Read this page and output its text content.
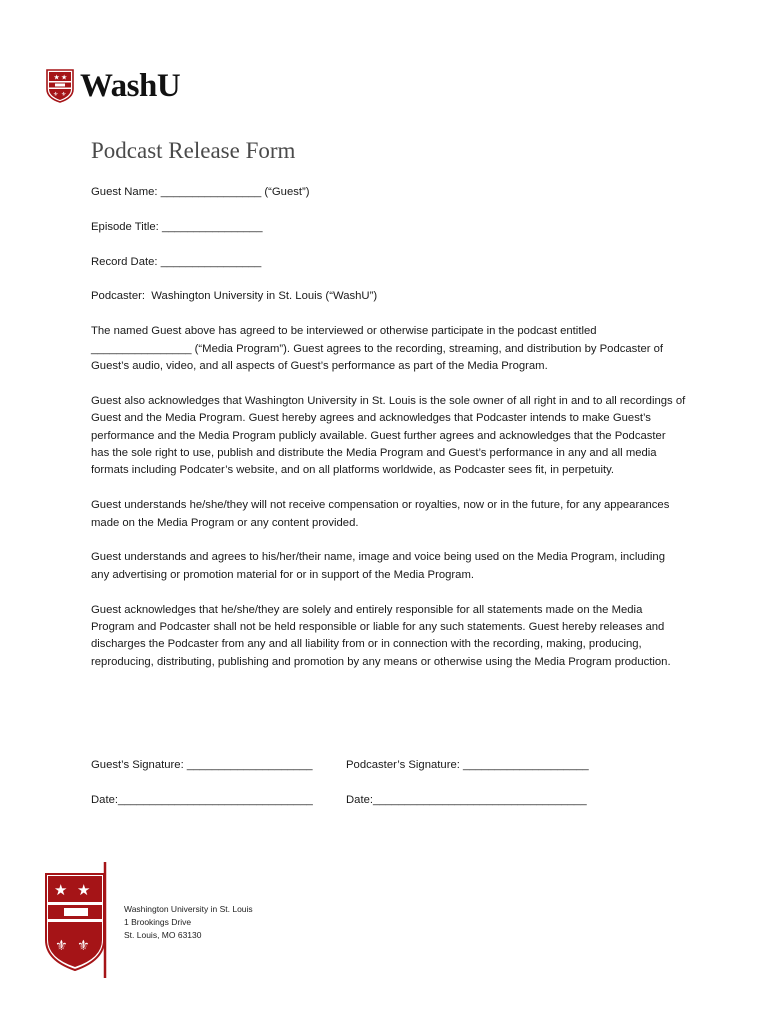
★ ★
⚜ ⚜ WashU
Podcast Release Form

Guest Name: ________________ (“Guest”)

Episode Title: ________________

Record Date: ________________

Podcaster: Washington University in St. Louis (“WashU”)

The named Guest above has agreed to be interviewed or otherwise participate in the podcast entitled ________________ (“Media Program”). Guest agrees to the recording, streaming, and distribution by Podcaster of Guest’s audio, video, and all aspects of Guest’s performance as part of the Media Program.

Guest also acknowledges that Washington University in St. Louis is the sole owner of all right in and to all recordings of Guest and the Media Program. Guest hereby agrees and acknowledges that Podcaster intends to make Guest’s performance and the Media Program publicly available. Guest further agrees and acknowledges that the Podcaster has the sole right to use, publish and distribute the Media Program and Guest’s performance in any and all media formats including Podcater’s website, and on all platforms worldwide, as Podcaster sees fit, in perpetuity.

Guest understands he/she/they will not receive compensation or royalties, now or in the future, for any appearances made on the Media Program or any content provided.

Guest understands and agrees to his/her/their name, image and voice being used on the Media Program, including any advertising or promotion material for or in support of the Media Program.

Guest acknowledges that he/she/they are solely and entirely responsible for all statements made on the Media Program and Podcaster shall not be held responsible or liable for any such statements. Guest hereby releases and discharges the Podcaster from any and all liability from or in connection with the recording, making, producing, reproducing, distributing, publishing and promotion by any means or otherwise using the Media Program production.

Guest’s Signature: ____________________	Podcaster’s Signature: ____________________
Date:_______________________________	Date:__________________________________
★ ★
⚜ ⚜
Washington University in St. Louis
1 Brookings Drive
St. Louis, MO 63130
